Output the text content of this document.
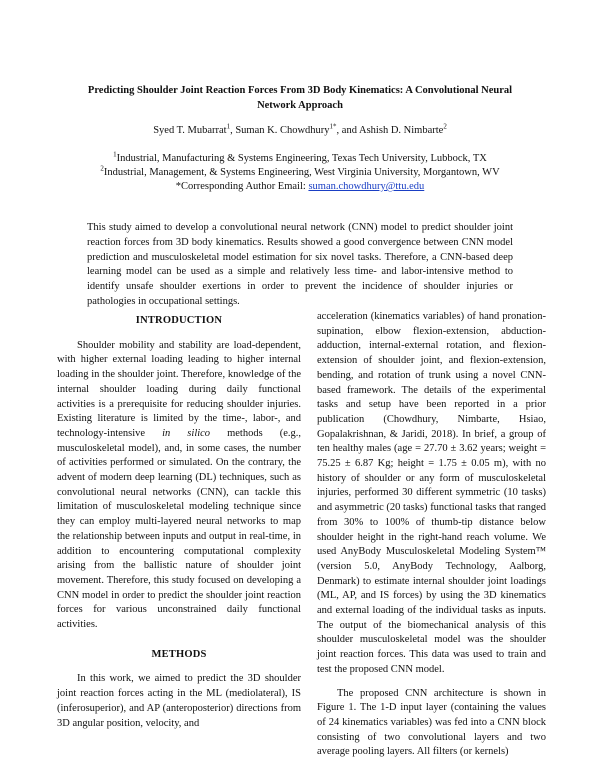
Predicting Shoulder Joint Reaction Forces From 3D Body Kinematics: A Convolutional Neural Network Approach
Syed T. Mubarrat$^1$, Suman K. Chowdhury$^{1*}$, and Ashish D. Nimbarte$^2$
$^1$Industrial, Manufacturing & Systems Engineering, Texas Tech University, Lubbock, TX
$^2$Industrial, Management, & Systems Engineering, West Virginia University, Morgantown, WV
*Corresponding Author Email: suman.chowdhury@ttu.edu

This study aimed to develop a convolutional neural network (CNN) model to predict shoulder joint reaction forces from 3D body kinematics. Results showed a good convergence between CNN model prediction and musculoskeletal model estimation for six novel tasks. Therefore, a CNN-based deep learning model can be used as a simple and relatively less time- and labor-intensive method to identify unsafe shoulder exertions in order to prevent the incidence of shoulder injuries or pathologies in occupational settings.

INTRODUCTION

Shoulder mobility and stability are load-dependent, with higher external loading leading to higher internal loading in the shoulder joint. Therefore, knowledge of the internal shoulder loading during daily functional activities is a prerequisite for reducing shoulder injuries. Existing literature is limited by the time-, labor-, and technology-intensive in silico methods (e.g., musculoskeletal model), and, in some cases, the number of activities performed or simulated. On the contrary, the advent of modern deep learning (DL) techniques, such as convolutional neural networks (CNN), can tackle this limitation of musculoskeletal modeling technique since they can employ multi-layered neural networks to map the relationship between inputs and output in real-time, in addition to encountering computational complexity arising from the ballistic nature of shoulder joint movement. Therefore, this study focused on developing a CNN model in order to predict the shoulder joint reaction forces for various unconstrained daily functional activities.

METHODS

In this work, we aimed to predict the 3D shoulder joint reaction forces acting in the ML (mediolateral), IS (inferosuperior), and AP (anteroposterior) directions from 3D angular position, velocity, and

acceleration (kinematics variables) of hand pronation-supination, elbow flexion-extension, abduction-adduction, internal-external rotation, and flexion-extension of shoulder joint, and flexion-extension, bending, and rotation of trunk using a novel CNN-based framework. The details of the experimental tasks and setup have been reported in a prior publication (Chowdhury, Nimbarte, Hsiao, Gopalakrishnan, & Jaridi, 2018). In brief, a group of ten healthy males (age = 27.70 ± 3.62 years; weight = 75.25 ± 6.87 Kg; height = 1.75 ± 0.05 m), with no history of shoulder or any form of musculoskeletal injuries, performed 30 different symmetric (10 tasks) and asymmetric (20 tasks) functional tasks that ranged from 30% to 100% of thumb-tip distance below shoulder height in the right-hand reach volume. We used AnyBody Musculoskeletal Modeling System™ (version 5.0, AnyBody Technology, Aalborg, Denmark) to estimate internal shoulder joint loadings (ML, AP, and IS forces) by using the 3D kinematics and external loading of the individual tasks as inputs. The output of the biomechanical analysis of this shoulder musculoskeletal model was the shoulder joint reaction forces. This data was used to train and test the proposed CNN model.

The proposed CNN architecture is shown in Figure 1. The 1-D input layer (containing the values of 24 kinematics variables) was fed into a CNN block consisting of two convolutional layers and two average pooling layers. All filters (or kernels)
